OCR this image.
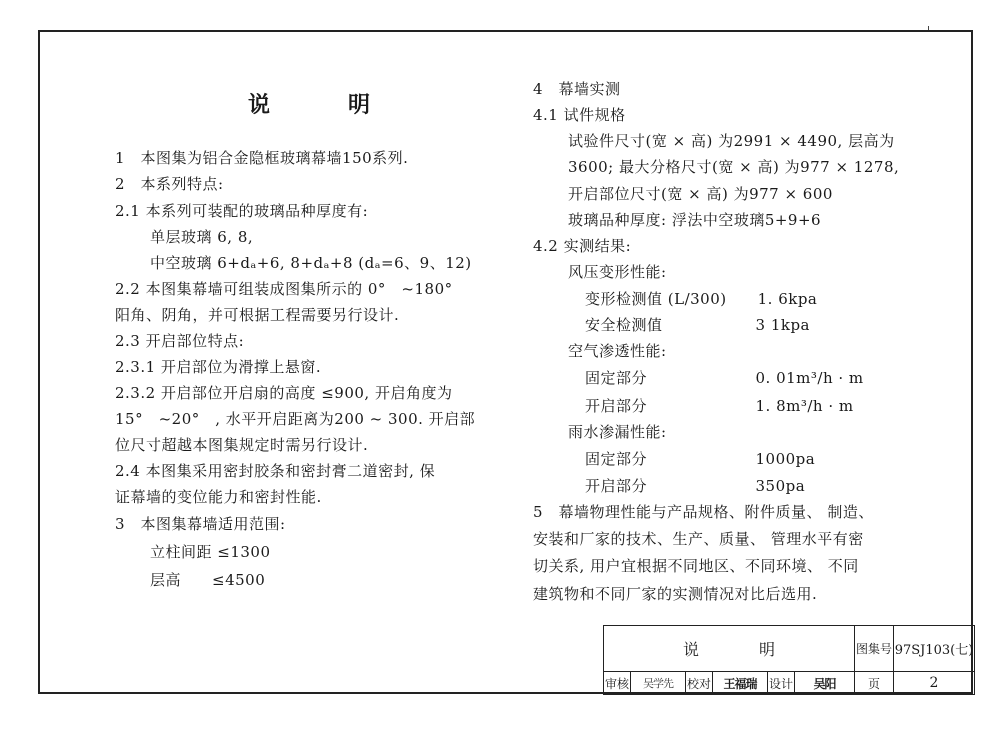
说　明
1　本图集为铝合金隐框玻璃幕墙150系列.
2　本系列特点:
2.1 本系列可装配的玻璃品种厚度有:
单层玻璃 6, 8,
中空玻璃 6+dₐ+6, 8+dₐ+8 (dₐ=6、9、12)
2.2 本图集幕墙可组装成图集所示的 0°　~180°
阳角、阴角，并可根据工程需要另行设计.
2.3 开启部位特点:
2.3.1 开启部位为滑撑上悬窗.
2.3.2 开启部位开启扇的高度 ≤900, 开启角度为
15°　~20°　, 水平开启距离为200 ~ 300. 开启部
位尺寸超越本图集规定时需另行设计.
2.4 本图集采用密封胶条和密封膏二道密封, 保
证幕墙的变位能力和密封性能.
3　本图集幕墙适用范围:
立柱间距 ≤1300
层高　　≤4500
4　幕墙实测
4.1 试件规格
试验件尺寸(宽 × 高) 为2991 × 4490, 层高为
3600; 最大分格尺寸(宽 × 高) 为977 × 1278,
开启部位尺寸(宽 × 高) 为977 × 600
玻璃品种厚度: 浮法中空玻璃5+9+6
4.2 实测结果:
风压变形性能:
变形检测值 (L/300)　　1. 6kpa
安全检测值　　　　　　3 1kpa
空气渗透性能:
固定部分　　　　　　　0. 01m³/h · m
开启部分　　　　　　　1. 8m³/h · m
雨水渗漏性能:
固定部分　　　　　　　1000pa
开启部分　　　　　　　350pa
5　幕墙物理性能与产品规格、附件质量、 制造、
安装和厂家的技术、生产、质量、 管理水平有密
切关系, 用户宜根据不同地区、不同环境、 不同
建筑物和不同厂家的实测情况对比后选用.
说明	图集号 97SJ103(七)
审核	吴学先	校对	王福瑞	设计	吴阳	页	2
